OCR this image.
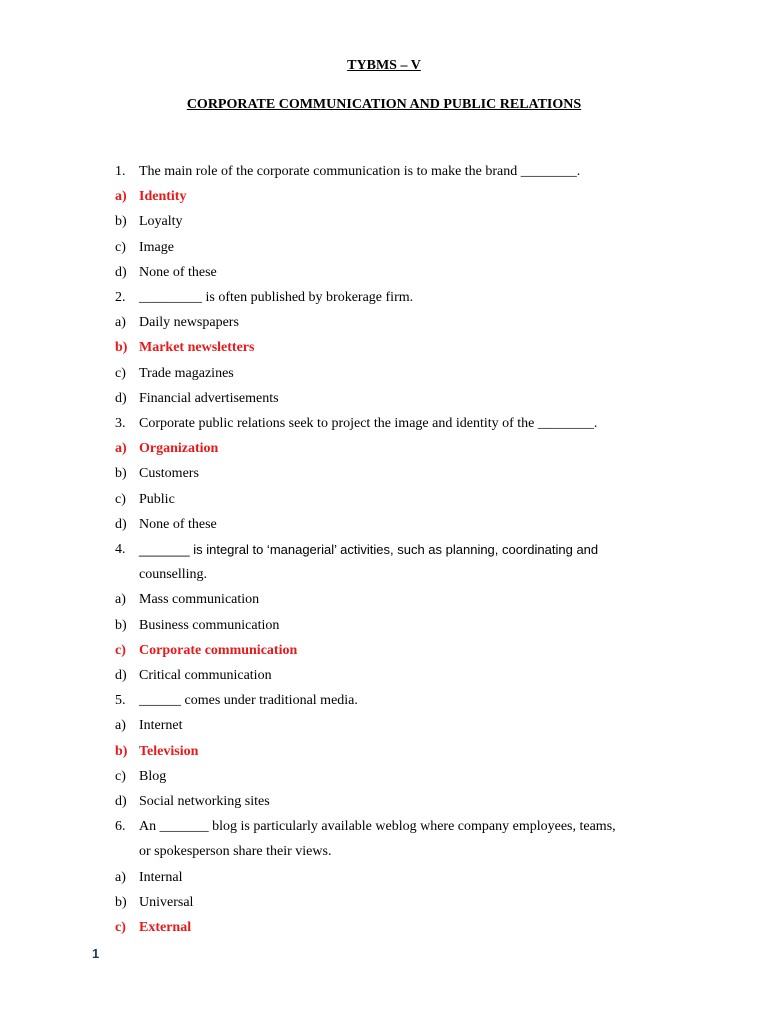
TYBMS – V
CORPORATE COMMUNICATION AND PUBLIC RELATIONS
1. The main role of the corporate communication is to make the brand ________.
a) Identity
b) Loyalty
c) Image
d) None of these
2. _________ is often published by brokerage firm.
a) Daily newspapers
b) Market newsletters
c) Trade magazines
d) Financial advertisements
3. Corporate public relations seek to project the image and identity of the ________.
a) Organization
b) Customers
c) Public
d) None of these
4. _______ is integral to ‘managerial’ activities, such as planning, coordinating and
counselling.
a) Mass communication
b) Business communication
c) Corporate communication
d) Critical communication
5. ______ comes under traditional media.
a) Internet
b) Television
c) Blog
d) Social networking sites
6. An _______ blog is particularly available weblog where company employees, teams,
or spokesperson share their views.
a) Internal
b) Universal
c) External
1
